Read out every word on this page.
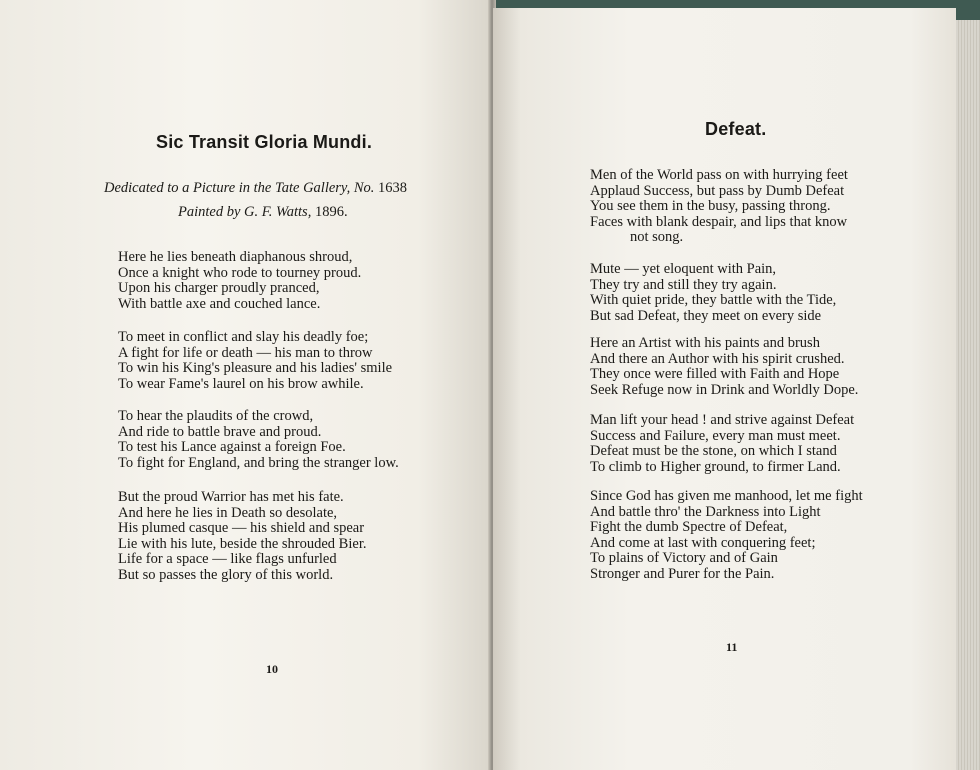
Sic Transit Gloria Mundi.
Dedicated to a Picture in the Tate Gallery, No. 1638
Painted by G. F. Watts, 1896.
Here he lies beneath diaphanous shroud,
Once a knight who rode to tourney proud.
Upon his charger proudly pranced,
With battle axe and couched lance.
To meet in conflict and slay his deadly foe;
A fight for life or death — his man to throw
To win his King's pleasure and his ladies' smile
To wear Fame's laurel on his brow awhile.
To hear the plaudits of the crowd,
And ride to battle brave and proud.
To test his Lance against a foreign Foe.
To fight for England, and bring the stranger low.
But the proud Warrior has met his fate.
And here he lies in Death so desolate,
His plumed casque — his shield and spear
Lie with his lute, beside the shrouded Bier.
Life for a space — like flags unfurled
But so passes the glory of this world.
10
Defeat.
Men of the World pass on with hurrying feet
Applaud Success, but pass by Dumb Defeat
You see them in the busy, passing throng.
Faces with blank despair, and lips that know
not song.
Mute — yet eloquent with Pain,
They try and still they try again.
With quiet pride, they battle with the Tide,
But sad Defeat, they meet on every side
Here an Artist with his paints and brush
And there an Author with his spirit crushed.
They once were filled with Faith and Hope
Seek Refuge now in Drink and Worldly Dope.
Man lift your head ! and strive against Defeat
Success and Failure, every man must meet.
Defeat must be the stone, on which I stand
To climb to Higher ground, to firmer Land.
Since God has given me manhood, let me fight
And battle thro' the Darkness into Light
Fight the dumb Spectre of Defeat,
And come at last with conquering feet;
To plains of Victory and of Gain
Stronger and Purer for the Pain.
11
